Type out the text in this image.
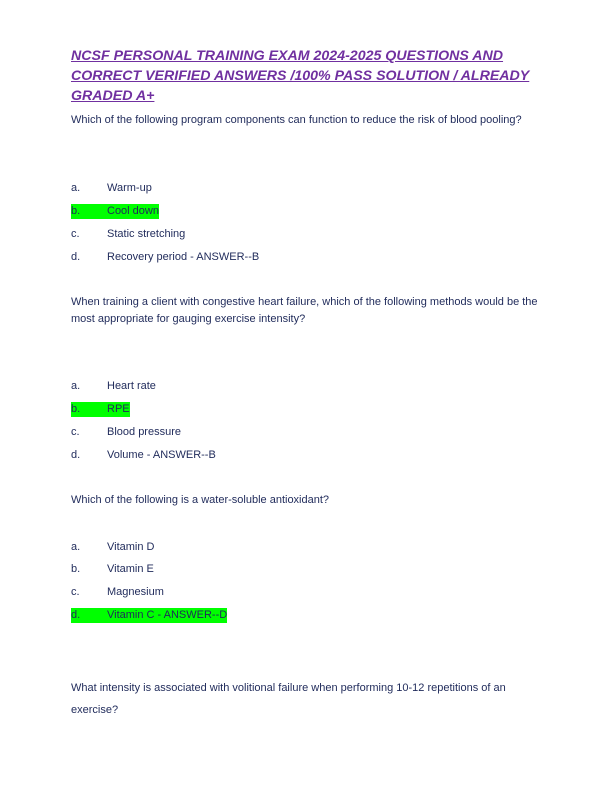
NCSF PERSONAL TRAINING EXAM 2024-2025 QUESTIONS AND CORRECT VERIFIED ANSWERS /100% PASS SOLUTION / ALREADY GRADED A+

Which of the following program components can function to reduce the risk of blood pooling?

a.	Warm-up
b.	Cool down
c.	Static stretching
d.	Recovery period - ANSWER--B

When training a client with congestive heart failure, which of the following methods would be the most appropriate for gauging exercise intensity?

a.	Heart rate
b.	RPE
c.	Blood pressure
d.	Volume - ANSWER--B

Which of the following is a water-soluble antioxidant?

a.	Vitamin D
b.	Vitamin E
c.	Magnesium
d.	Vitamin C - ANSWER--D

What intensity is associated with volitional failure when performing 10-12 repetitions of an exercise?
